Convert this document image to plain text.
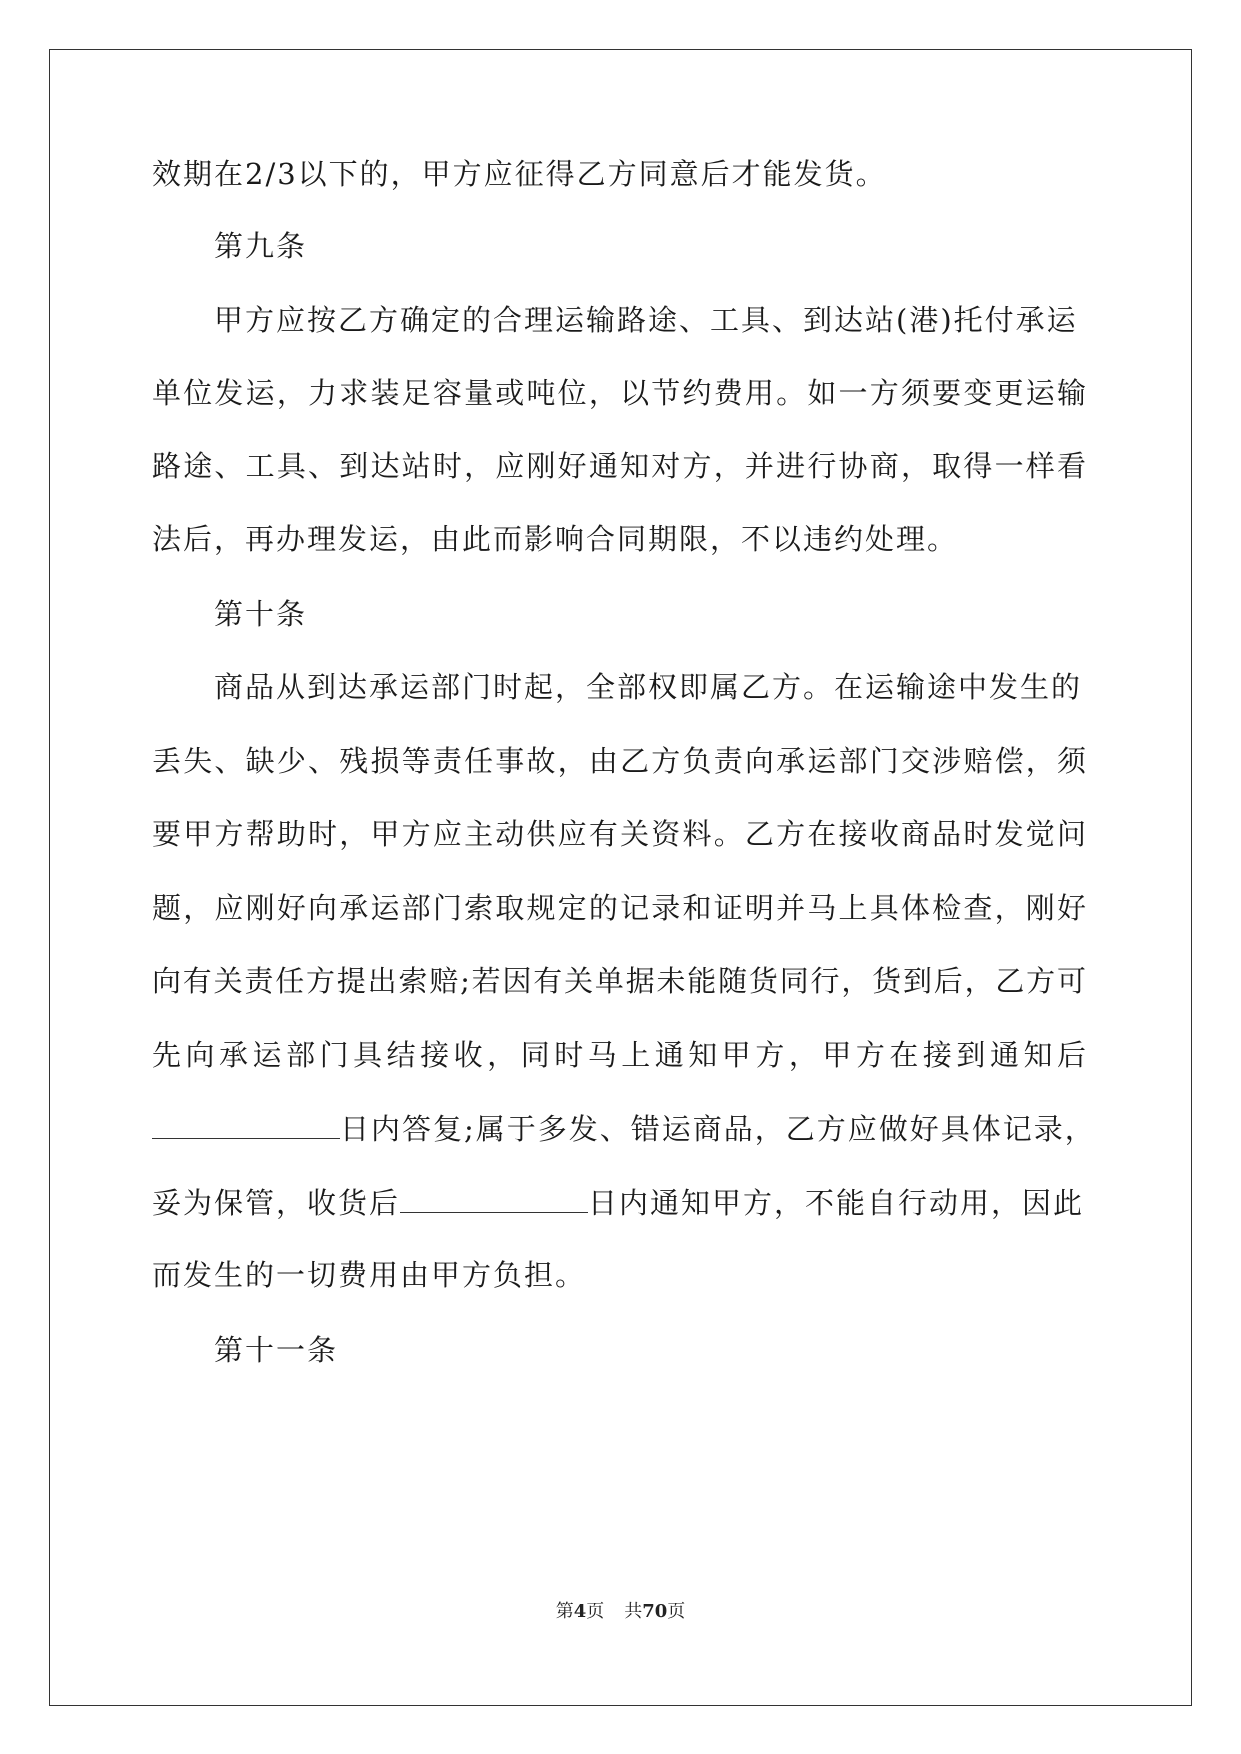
效期在2/3以下的，甲方应征得乙方同意后才能发货。
第九条
甲方应按乙方确定的合理运输路途、工具、到达站(港)托付承运
单位发运，力求装足容量或吨位，以节约费用。如一方须要变更运输
路途、工具、到达站时，应刚好通知对方，并进行协商，取得一样看
法后，再办理发运，由此而影响合同期限，不以违约处理。
第十条
商品从到达承运部门时起，全部权即属乙方。在运输途中发生的
丢失、缺少、残损等责任事故，由乙方负责向承运部门交涉赔偿，须
要甲方帮助时，甲方应主动供应有关资料。乙方在接收商品时发觉问
题，应刚好向承运部门索取规定的记录和证明并马上具体检查，刚好
向有关责任方提出索赔;若因有关单据未能随货同行，货到后，乙方可
先向承运部门具结接收，同时马上通知甲方，甲方在接到通知后
日内答复;属于多发、错运商品，乙方应做好具体记录，
妥为保管，收货后	日内通知甲方，不能自行动用，因此
而发生的一切费用由甲方负担。
第十一条
第4页 共70页
